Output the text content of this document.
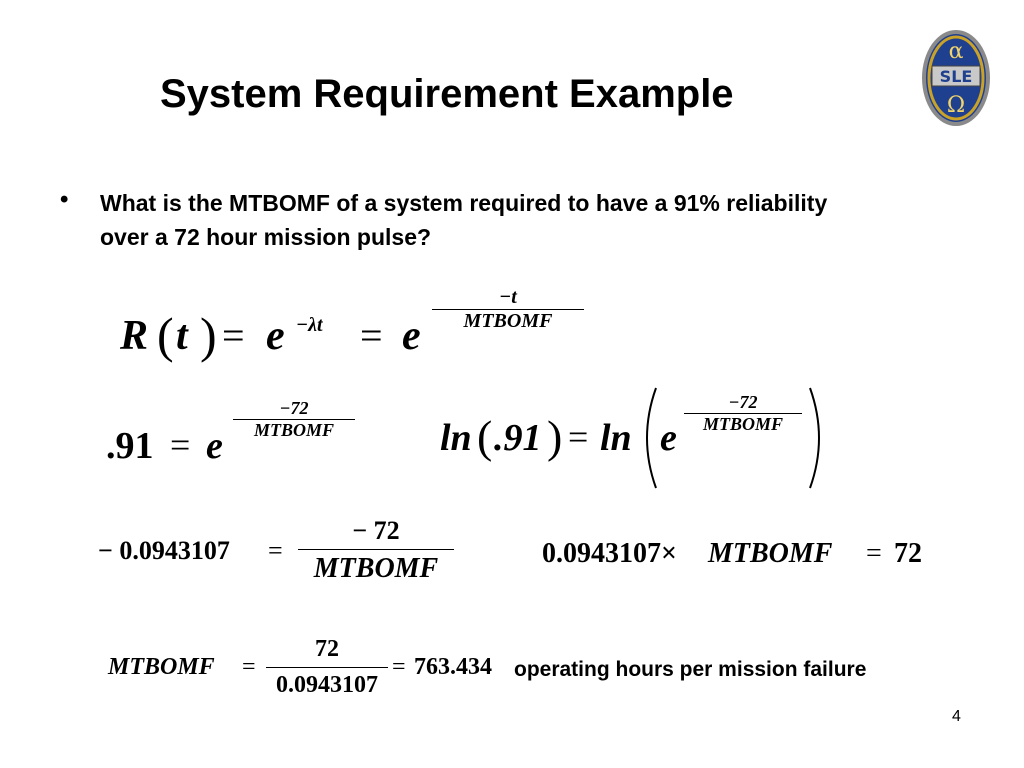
System Requirement Example
α
SLE
Ω
• What is the MTBOMF of a system required to have a 91% reliability over a 72 hour mission pulse?
R ( t ) = e −λt = e
−t
MTBOMF
.91 = e
−72
MTBOMF	ln ( .91 ) = ln e
−72
MTBOMF
− 0.0943107 =
− 72
MTBOMF	0.0943107× MTBOMF = 72
MTBOMF =
72
0.0943107
= 763.434 operating hours per mission failure
4
